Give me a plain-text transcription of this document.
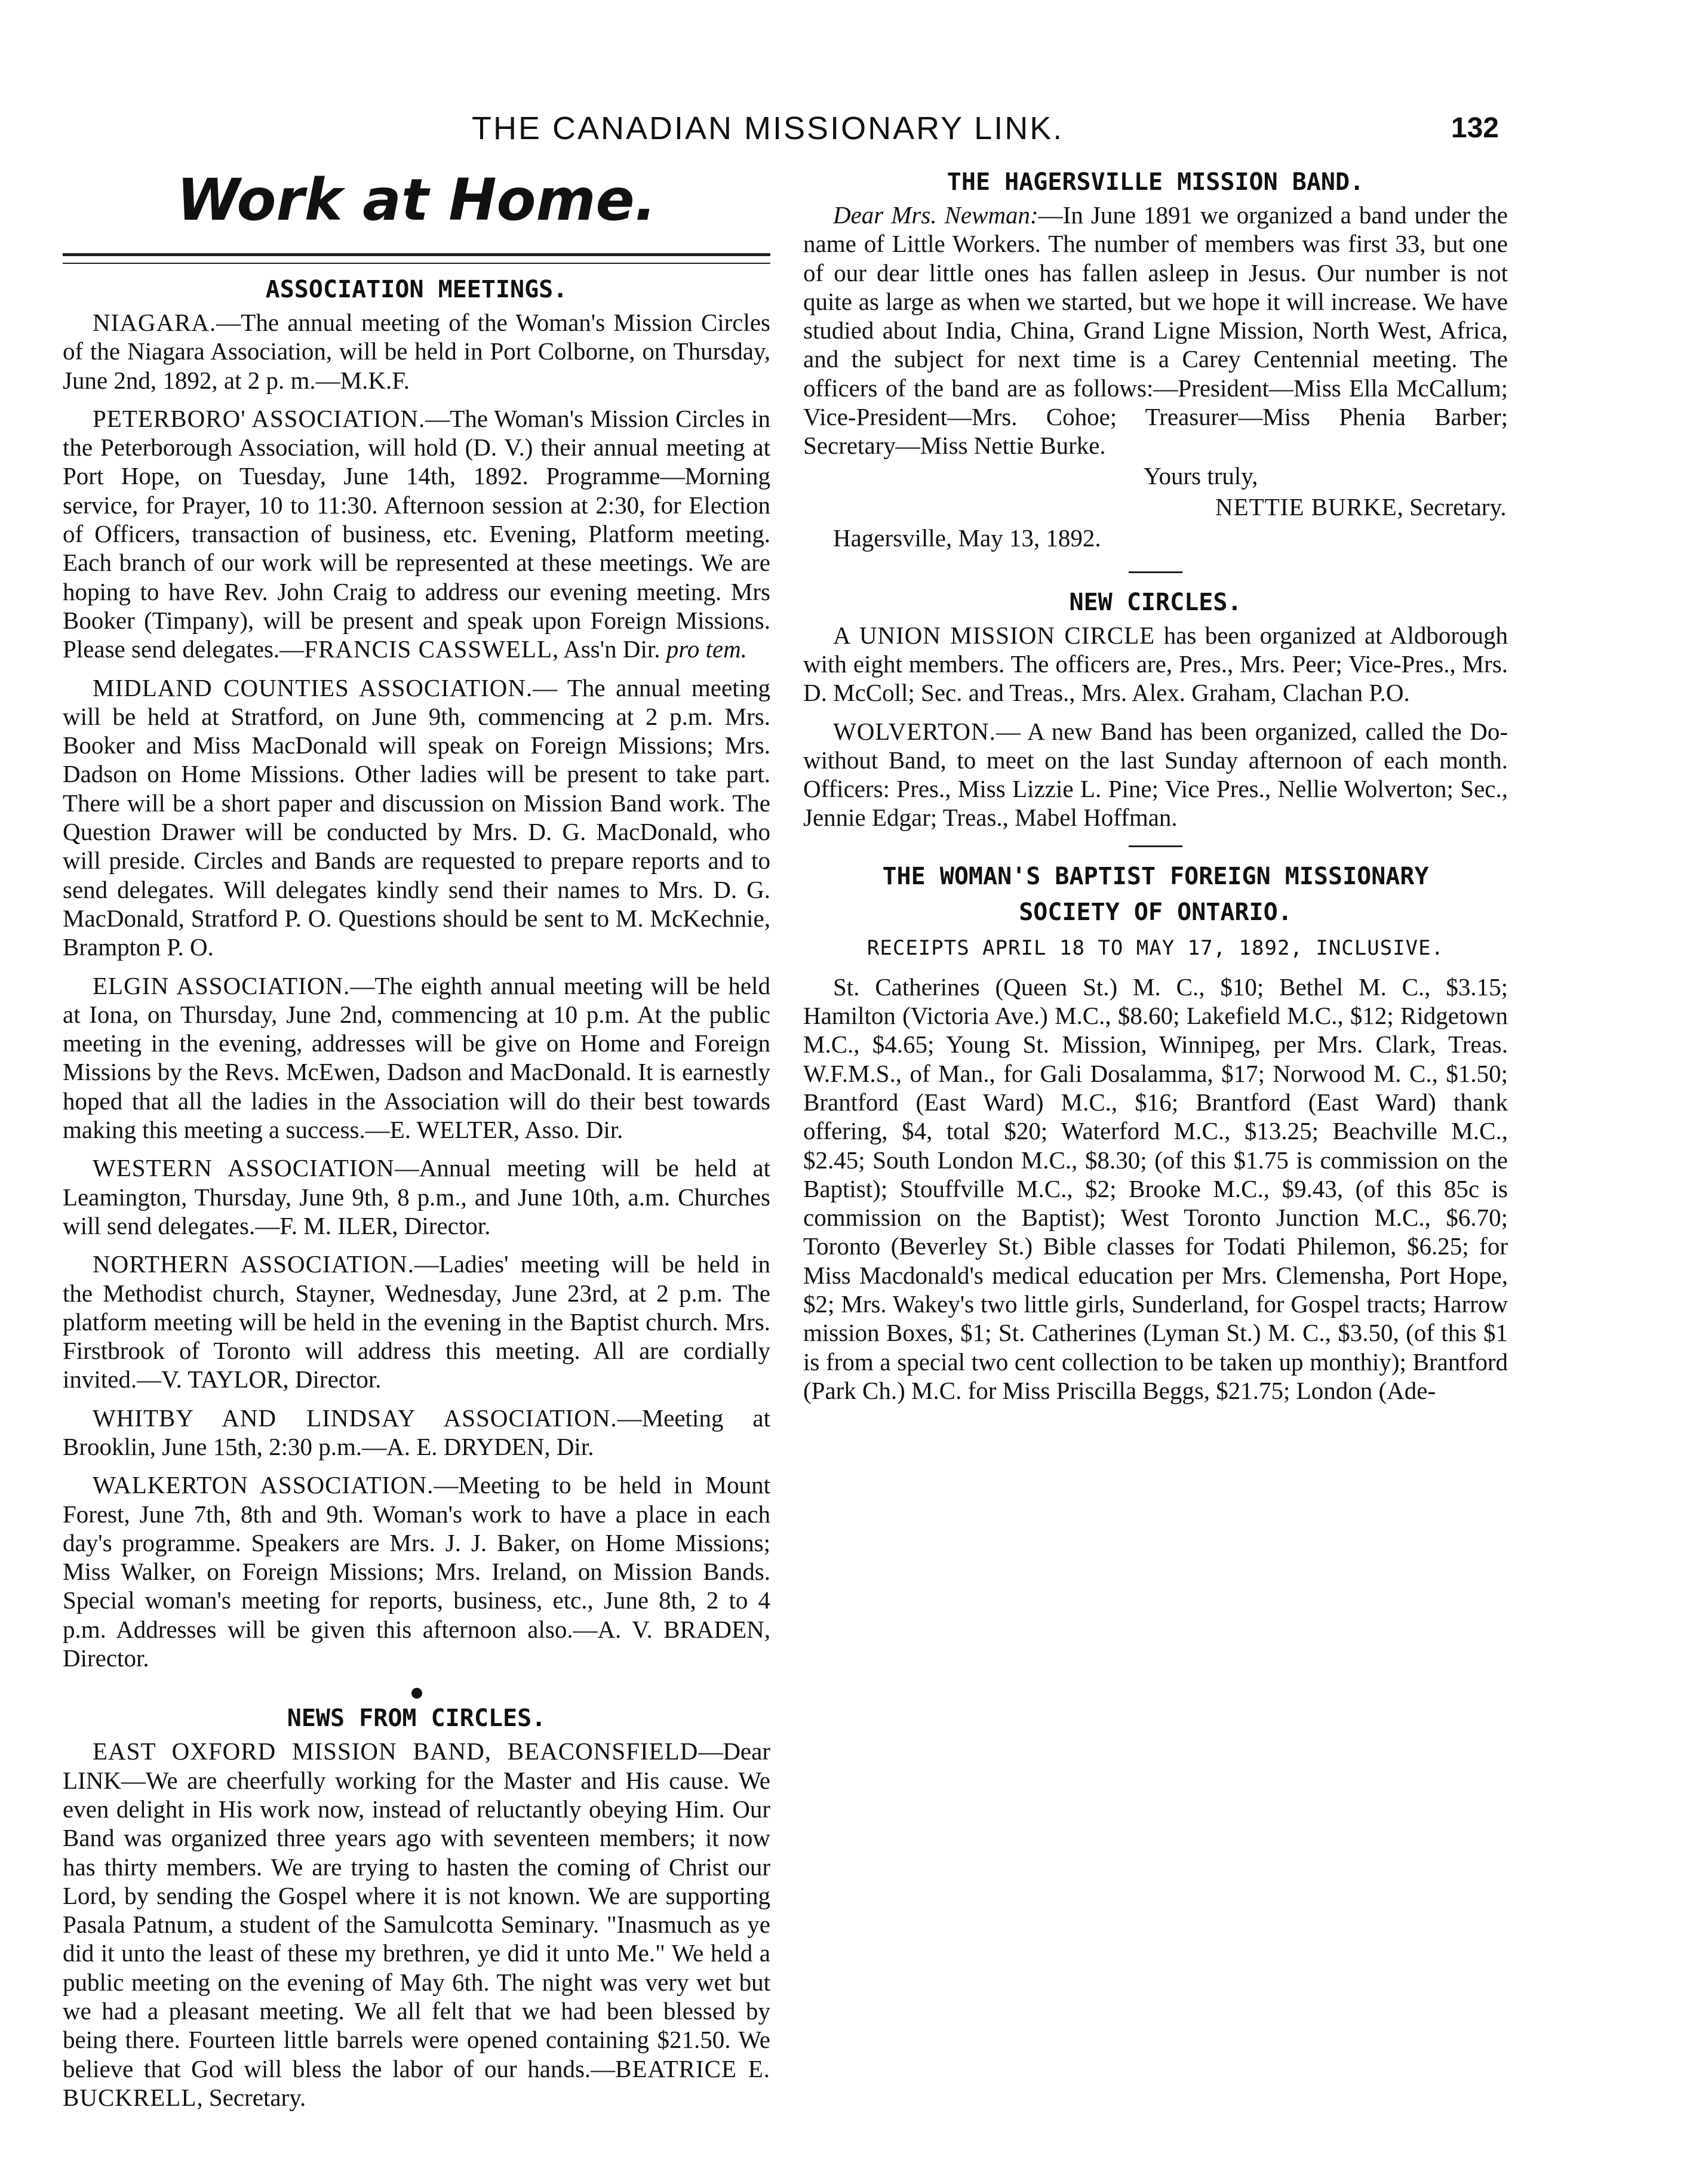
THE CANADIAN MISSIONARY LINK.	132
Work at Home.
ASSOCIATION MEETINGS.

NIAGARA.—The annual meeting of the Woman's Mission Circles of the Niagara Association, will be held in Port Colborne, on Thursday, June 2nd, 1892, at 2 p. m.—M.K.F.

PETERBORO' ASSOCIATION.—The Woman's Mission Circles in the Peterborough Association, will hold (D. V.) their annual meeting at Port Hope, on Tuesday, June 14th, 1892. Programme—Morning service, for Prayer, 10 to 11:30. Afternoon session at 2:30, for Election of Officers, transaction of business, etc. Evening, Platform meeting. Each branch of our work will be represented at these meetings. We are hoping to have Rev. John Craig to address our evening meeting. Mrs Booker (Timpany), will be present and speak upon Foreign Missions. Please send delegates.—FRANCIS CASSWELL, Ass'n Dir. pro tem.

MIDLAND COUNTIES ASSOCIATION.— The annual meeting will be held at Stratford, on June 9th, commencing at 2 p.m. Mrs. Booker and Miss MacDonald will speak on Foreign Missions; Mrs. Dadson on Home Missions. Other ladies will be present to take part. There will be a short paper and discussion on Mission Band work. The Question Drawer will be conducted by Mrs. D. G. MacDonald, who will preside. Circles and Bands are requested to prepare reports and to send delegates. Will delegates kindly send their names to Mrs. D. G. MacDonald, Stratford P. O. Questions should be sent to M. McKechnie, Brampton P. O.

ELGIN ASSOCIATION.—The eighth annual meeting will be held at Iona, on Thursday, June 2nd, commencing at 10 p.m. At the public meeting in the evening, addresses will be give on Home and Foreign Missions by the Revs. McEwen, Dadson and MacDonald. It is earnestly hoped that all the ladies in the Association will do their best towards making this meeting a success.—E. WELTER, Asso. Dir.

WESTERN ASSOCIATION—Annual meeting will be held at Leamington, Thursday, June 9th, 8 p.m., and June 10th, a.m. Churches will send delegates.—F. M. ILER, Director.

NORTHERN ASSOCIATION.—Ladies' meeting will be held in the Methodist church, Stayner, Wednesday, June 23rd, at 2 p.m. The platform meeting will be held in the evening in the Baptist church. Mrs. Firstbrook of Toronto will address this meeting. All are cordially invited.—V. TAYLOR, Director.

WHITBY AND LINDSAY ASSOCIATION.—Meeting at Brooklin, June 15th, 2:30 p.m.—A. E. DRYDEN, Dir.

WALKERTON ASSOCIATION.—Meeting to be held in Mount Forest, June 7th, 8th and 9th. Woman's work to have a place in each day's programme. Speakers are Mrs. J. J. Baker, on Home Missions; Miss Walker, on Foreign Missions; Mrs. Ireland, on Mission Bands. Special woman's meeting for reports, business, etc., June 8th, 2 to 4 p.m. Addresses will be given this afternoon also.—A. V. BRADEN, Director.

NEWS FROM CIRCLES.

EAST OXFORD MISSION BAND, BEACONSFIELD—Dear LINK—We are cheerfully working for the Master and His cause. We even delight in His work now, instead of reluctantly obeying Him. Our Band was organized three years ago with seventeen members; it now has thirty members. We are trying to hasten the coming of Christ our Lord, by sending the Gospel where it is not known. We are supporting Pasala Patnum, a student of the Samulcotta Seminary. "Inasmuch as ye did it unto the least of these my brethren, ye did it unto Me." We held a public meeting on the evening of May 6th. The night was very wet but we had a pleasant meeting. We all felt that we had been blessed by being there. Fourteen little barrels were opened containing $21.50. We believe that God will bless the labor of our hands.—BEATRICE E. BUCKRELL, Secretary.

THE HAGERSVILLE MISSION BAND.

Dear Mrs. Newman:—In June 1891 we organized a band under the name of Little Workers. The number of members was first 33, but one of our dear little ones has fallen asleep in Jesus. Our number is not quite as large as when we started, but we hope it will increase. We have studied about India, China, Grand Ligne Mission, North West, Africa, and the subject for next time is a Carey Centennial meeting. The officers of the band are as follows:—President—Miss Ella McCallum; Vice-President—Mrs. Cohoe; Treasurer—Miss Phenia Barber; Secretary—Miss Nettie Burke.

Yours truly,
NETTIE BURKE, Secretary.
Hagersville, May 13, 1892.
NEW CIRCLES.

A UNION MISSION CIRCLE has been organized at Aldborough with eight members. The officers are, Pres., Mrs. Peer; Vice-Pres., Mrs. D. McColl; Sec. and Treas., Mrs. Alex. Graham, Clachan P.O.

WOLVERTON.— A new Band has been organized, called the Do-without Band, to meet on the last Sunday afternoon of each month. Officers: Pres., Miss Lizzie L. Pine; Vice Pres., Nellie Wolverton; Sec., Jennie Edgar; Treas., Mabel Hoffman.

THE WOMAN'S BAPTIST FOREIGN MISSIONARY
SOCIETY OF ONTARIO.
RECEIPTS APRIL 18 TO MAY 17, 1892, INCLUSIVE.

St. Catherines (Queen St.) M. C., $10; Bethel M. C., $3.15; Hamilton (Victoria Ave.) M.C., $8.60; Lakefield M.C., $12; Ridgetown M.C., $4.65; Young St. Mission, Winnipeg, per Mrs. Clark, Treas. W.F.M.S., of Man., for Gali Dosalamma, $17; Norwood M. C., $1.50; Brantford (East Ward) M.C., $16; Brantford (East Ward) thank offering, $4, total $20; Waterford M.C., $13.25; Beachville M.C., $2.45; South London M.C., $8.30; (of this $1.75 is commission on the Baptist); Stouffville M.C., $2; Brooke M.C., $9.43, (of this 85c is commission on the Baptist); West Toronto Junction M.C., $6.70; Toronto (Beverley St.) Bible classes for Todati Philemon, $6.25; for Miss Macdonald's medical education per Mrs. Clemensha, Port Hope, $2; Mrs. Wakey's two little girls, Sunderland, for Gospel tracts; Harrow mission Boxes, $1; St. Catherines (Lyman St.) M. C., $3.50, (of this $1 is from a special two cent collection to be taken up monthiy); Brantford (Park Ch.) M.C. for Miss Priscilla Beggs, $21.75; London (Ade-
